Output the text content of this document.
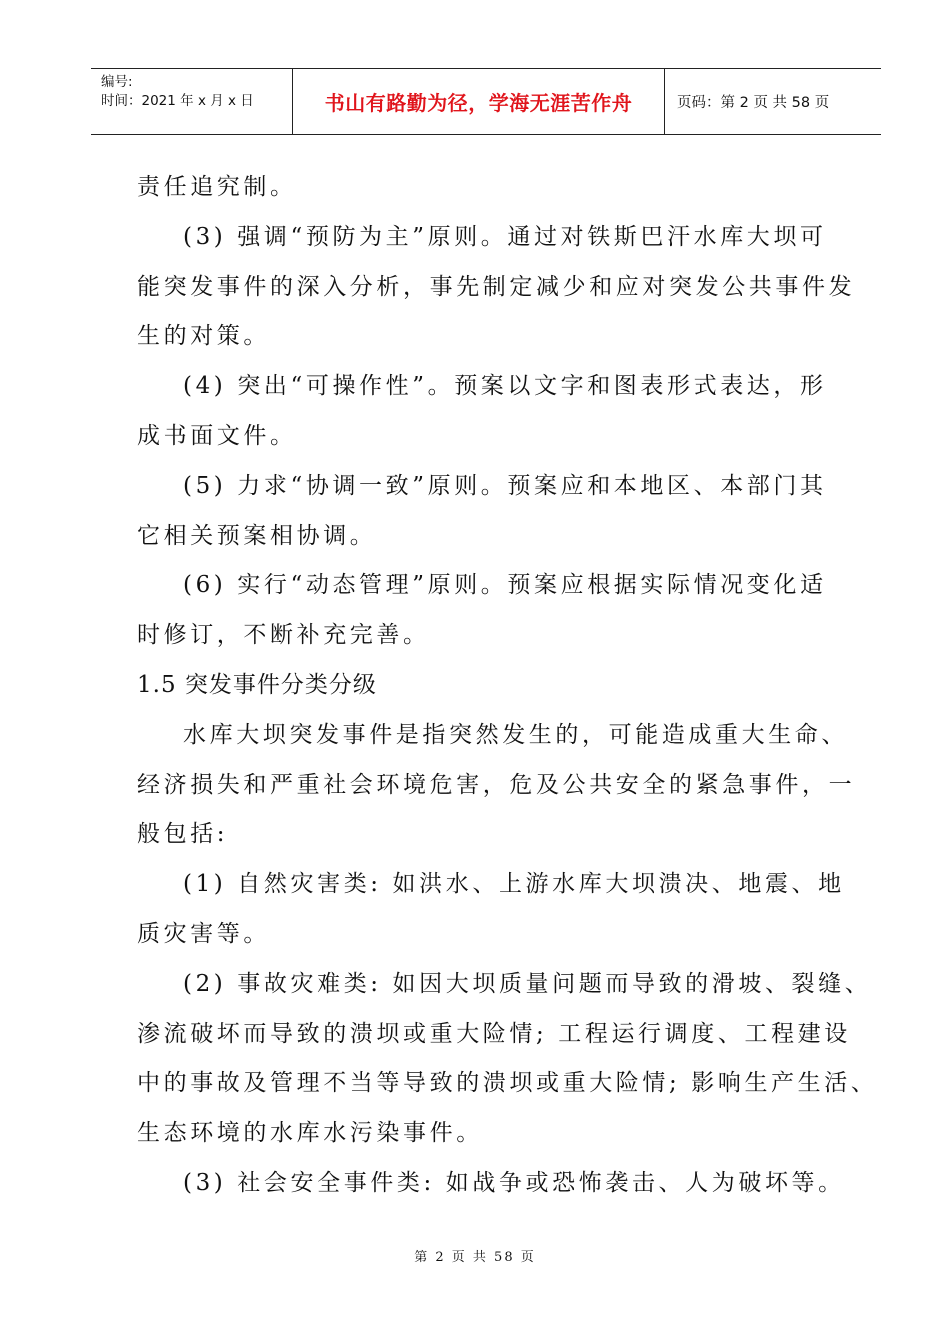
编号:
时间：2021 年 x 月 x 日	书山有路勤为径，学海无涯苦作舟	页码：第 2 页 共 58 页
责任追究制。
(3) 强调“预防为主”原则。通过对铁斯巴汗水库大坝可
能突发事件的深入分析，事先制定减少和应对突发公共事件发
生的对策。
(4) 突出“可操作性”。预案以文字和图表形式表达，形
成书面文件。
(5) 力求“协调一致”原则。预案应和本地区、本部门其
它相关预案相协调。
(6) 实行“动态管理”原则。预案应根据实际情况变化适
时修订，不断补充完善。
1.5 突发事件分类分级
水库大坝突发事件是指突然发生的，可能造成重大生命、
经济损失和严重社会环境危害，危及公共安全的紧急事件，一
般包括:
(1) 自然灾害类: 如洪水、上游水库大坝溃决、地震、地
质灾害等。
(2) 事故灾难类: 如因大坝质量问题而导致的滑坡、裂缝、
渗流破坏而导致的溃坝或重大险情; 工程运行调度、工程建设
中的事故及管理不当等导致的溃坝或重大险情; 影响生产生活、
生态环境的水库水污染事件。
(3) 社会安全事件类: 如战争或恐怖袭击、人为破坏等。
第 2 页 共 58 页
